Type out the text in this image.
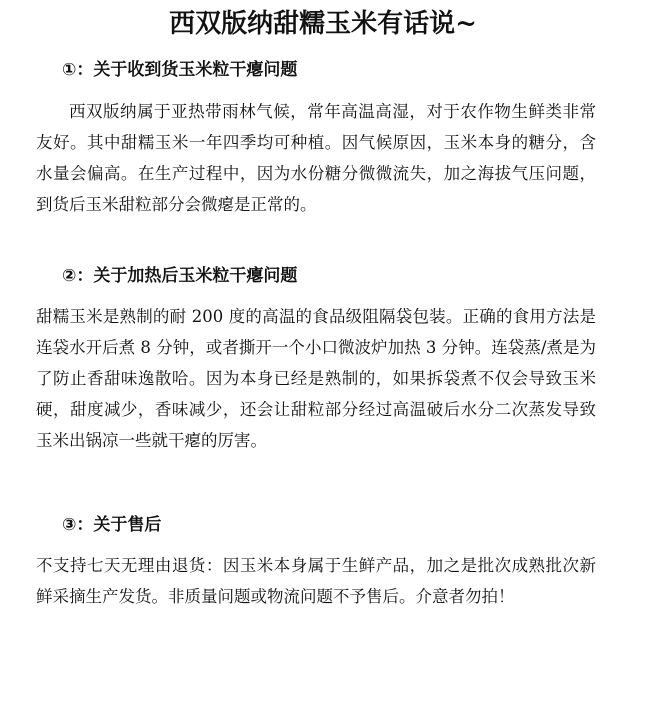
西双版纳甜糯玉米有话说~
①：关于收到货玉米粒干瘪问题

西双版纳属于亚热带雨林气候，常年高温高湿，对于农作物生鲜类非常友好。其中甜糯玉米一年四季均可种植。因气候原因，玉米本身的糖分，含水量会偏高。在生产过程中，因为水份糖分微微流失，加之海拔气压问题，到货后玉米甜粒部分会微瘪是正常的。

②：关于加热后玉米粒干瘪问题

甜糯玉米是熟制的耐 200 度的高温的食品级阻隔袋包装。正确的食用方法是连袋水开后煮 8 分钟，或者撕开一个小口微波炉加热 3 分钟。连袋蒸/煮是为了防止香甜味逸散哈。因为本身已经是熟制的，如果拆袋煮不仅会导致玉米硬，甜度减少，香味减少，还会让甜粒部分经过高温破后水分二次蒸发导致玉米出锅凉一些就干瘪的厉害。

③：关于售后

不支持七天无理由退货：因玉米本身属于生鲜产品，加之是批次成熟批次新鲜采摘生产发货。非质量问题或物流问题不予售后。介意者勿拍！
